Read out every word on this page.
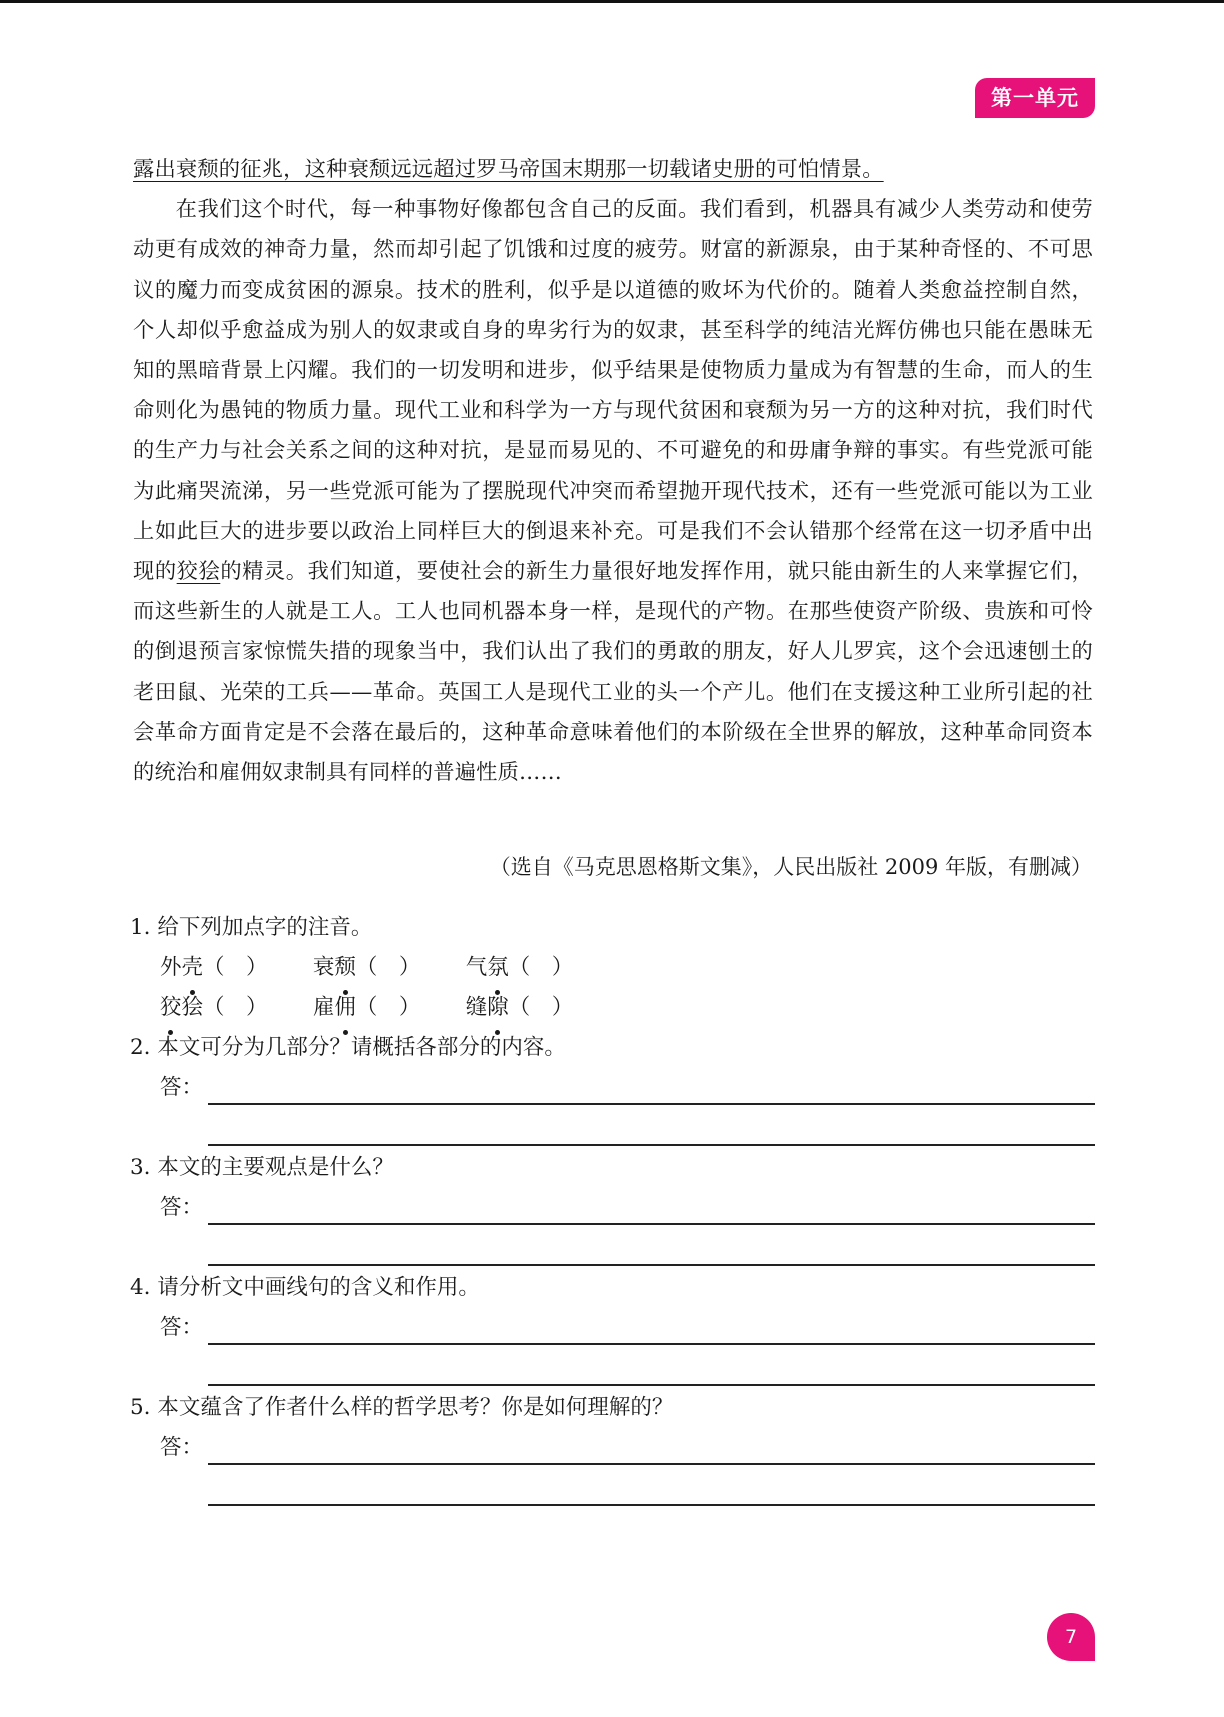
第一单元

露出衰颓的征兆，这种衰颓远远超过罗马帝国末期那一切载诸史册的可怕情景。

在我们这个时代，每一种事物好像都包含自己的反面。我们看到，机器具有减少人类劳动和使劳动更有成效的神奇力量，然而却引起了饥饿和过度的疲劳。财富的新源泉，由于某种奇怪的、不可思议的魔力而变成贫困的源泉。技术的胜利，似乎是以道德的败坏为代价的。随着人类愈益控制自然，个人却似乎愈益成为别人的奴隶或自身的卑劣行为的奴隶，甚至科学的纯洁光辉仿佛也只能在愚昧无知的黑暗背景上闪耀。我们的一切发明和进步，似乎结果是使物质力量成为有智慧的生命，而人的生命则化为愚钝的物质力量。现代工业和科学为一方与现代贫困和衰颓为另一方的这种对抗，我们时代的生产力与社会关系之间的这种对抗，是显而易见的、不可避免的和毋庸争辩的事实。有些党派可能为此痛哭流涕，另一些党派可能为了摆脱现代冲突而希望抛开现代技术，还有一些党派可能以为工业上如此巨大的进步要以政治上同样巨大的倒退来补充。可是我们不会认错那个经常在这一切矛盾中出现的狡狯的精灵。我们知道，要使社会的新生力量很好地发挥作用，就只能由新生的人来掌握它们，而这些新生的人就是工人。工人也同机器本身一样，是现代的产物。在那些使资产阶级、贵族和可怜的倒退预言家惊慌失措的现象当中，我们认出了我们的勇敢的朋友，好人儿罗宾，这个会迅速刨土的老田鼠、光荣的工兵——革命。英国工人是现代工业的头一个产儿。他们在支援这种工业所引起的社会革命方面肯定是不会落在最后的，这种革命意味着他们的本阶级在全世界的解放，这种革命同资本的统治和雇佣奴隶制具有同样的普遍性质……

（选自《马克思恩格斯文集》，人民出版社 2009 年版，有删减）
1. 给下列加点字的注音。
外壳（　） 衰颓（　） 气氛（　）
狡狯（　） 雇佣（　） 缝隙（　）
2. 本文可分为几部分？请概括各部分的内容。
答：
3. 本文的主要观点是什么？
答：
4. 请分析文中画线句的含义和作用。
答：
5. 本文蕴含了作者什么样的哲学思考？你是如何理解的？
答：
7
